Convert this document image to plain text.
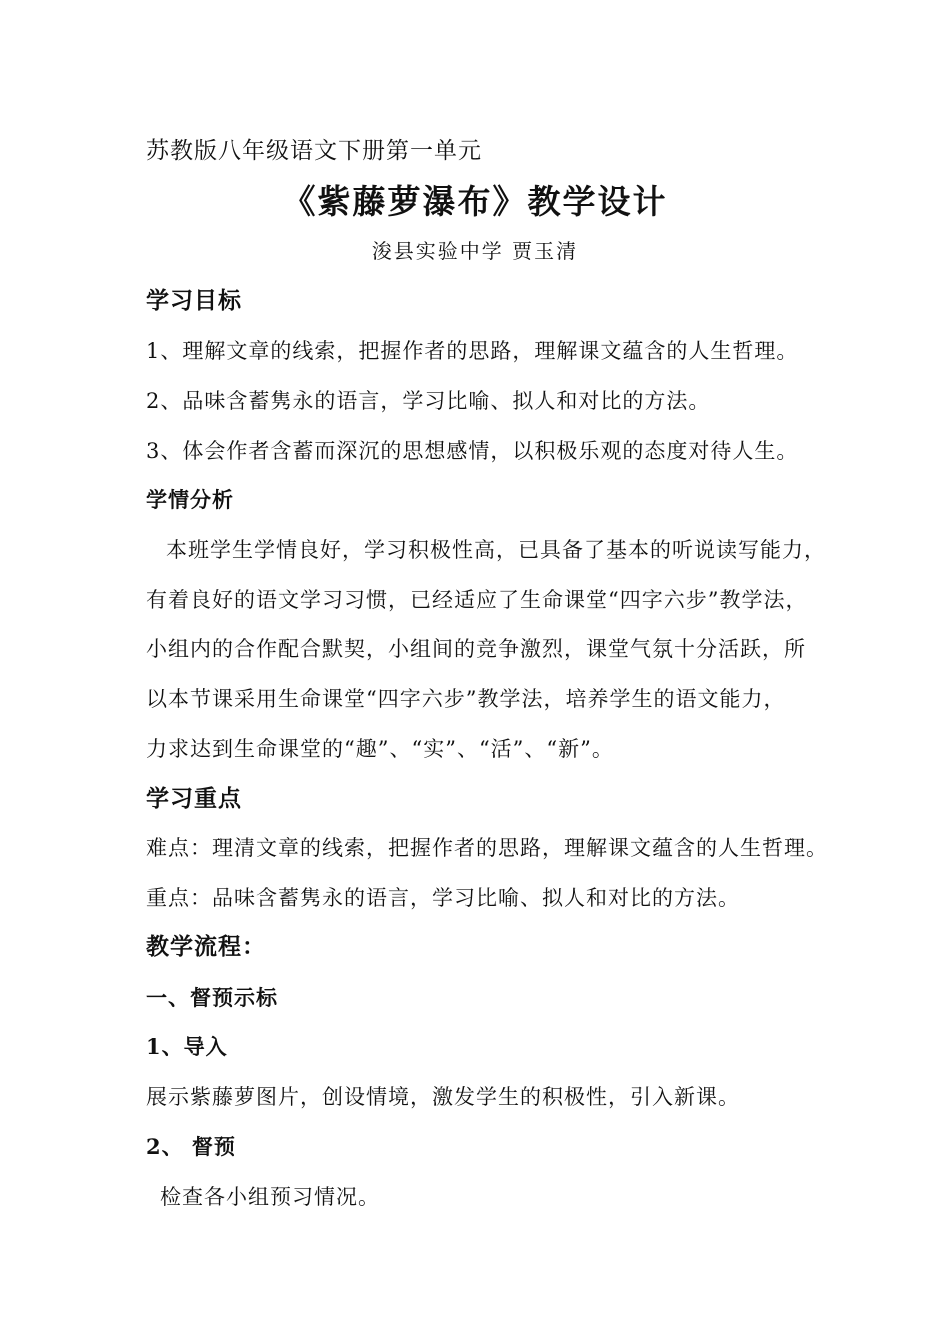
苏教版八年级语文下册第一单元
《紫藤萝瀑布》教学设计
浚县实验中学 贾玉清
学习目标
1、理解文章的线索，把握作者的思路，理解课文蕴含的人生哲理。
2、品味含蓄隽永的语言，学习比喻、拟人和对比的方法。
3、体会作者含蓄而深沉的思想感情，以积极乐观的态度对待人生。
学情分析
本班学生学情良好，学习积极性高，已具备了基本的听说读写能力，
有着良好的语文学习习惯，已经适应了生命课堂“四字六步”教学法，
小组内的合作配合默契，小组间的竞争激烈，课堂气氛十分活跃，所
以本节课采用生命课堂“四字六步”教学法，培养学生的语文能力，
力求达到生命课堂的“趣”、“实”、“活”、“新”。
学习重点
难点：理清文章的线索，把握作者的思路，理解课文蕴含的人生哲理。
重点：品味含蓄隽永的语言，学习比喻、拟人和对比的方法。
教学流程：
一、督预示标
1、导入
展示紫藤萝图片，创设情境，激发学生的积极性，引入新课。
2、 督预
检查各小组预习情况。
